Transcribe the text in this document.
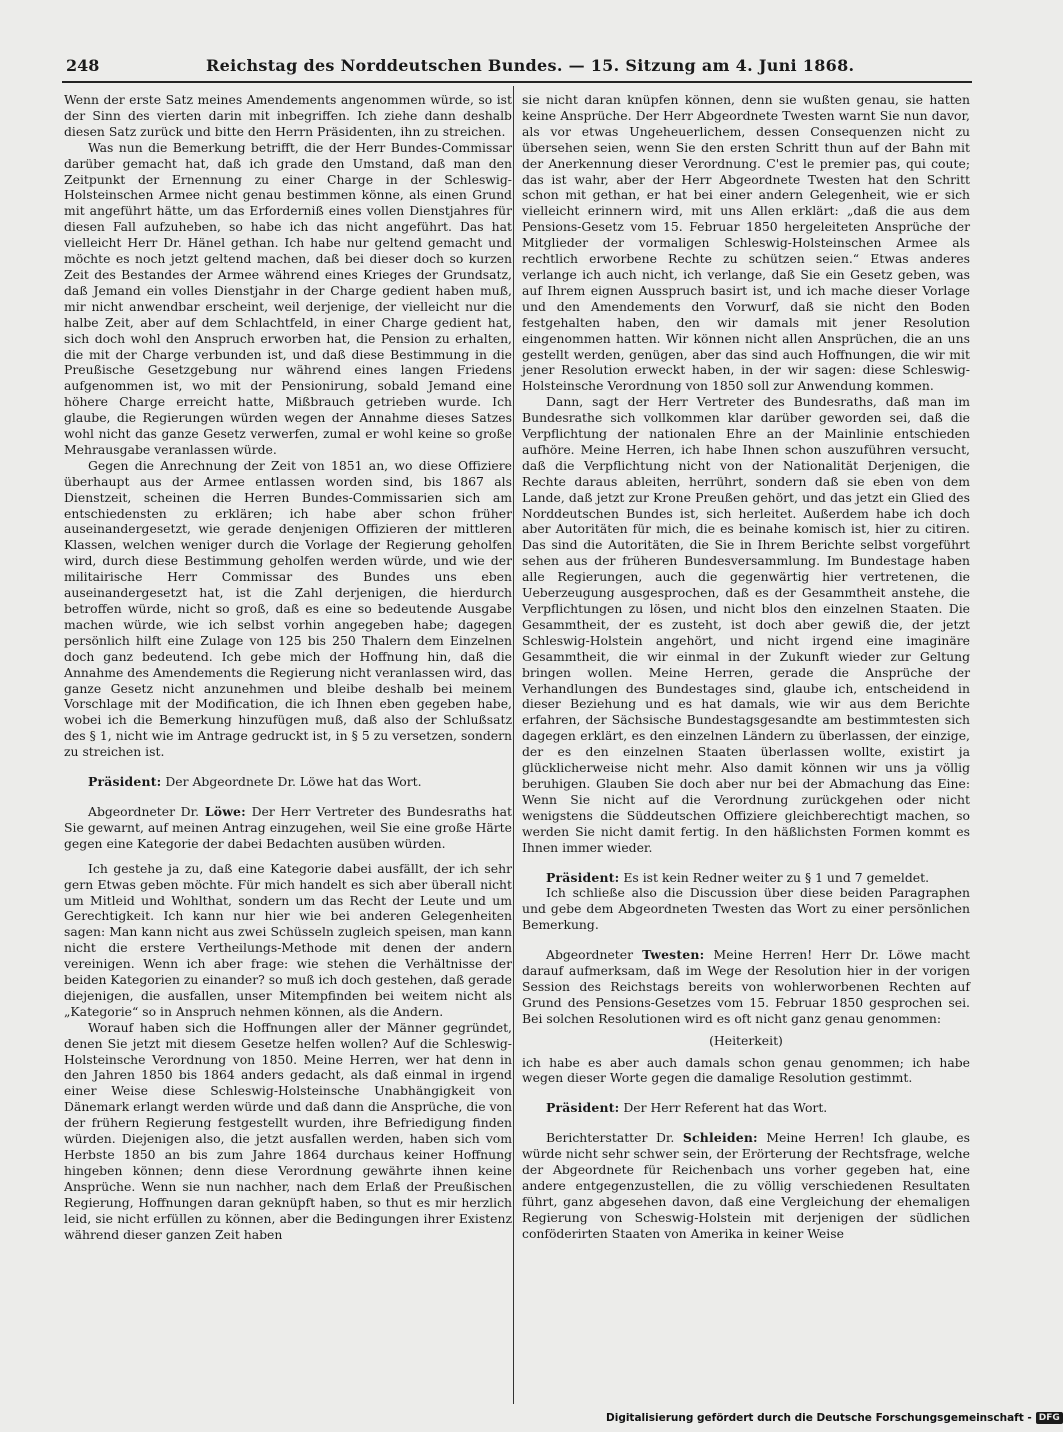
248	Reichstag des Norddeutschen Bundes. — 15. Sitzung am 4. Juni 1868.

Wenn der erste Satz meines Amendements angenommen würde, so ist der Sinn des vierten darin mit inbegriffen. Ich ziehe dann deshalb diesen Satz zurück und bitte den Herrn Präsidenten, ihn zu streichen.

Was nun die Bemerkung betrifft, die der Herr Bundes-Commissar darüber gemacht hat, daß ich grade den Umstand, daß man den Zeitpunkt der Ernennung zu einer Charge in der Schleswig-Holsteinschen Armee nicht genau bestimmen könne, als einen Grund mit angeführt hätte, um das Erforderniß eines vollen Dienstjahres für diesen Fall aufzuheben, so habe ich das nicht angeführt. Das hat vielleicht Herr Dr. Hänel gethan. Ich habe nur geltend gemacht und möchte es noch jetzt geltend machen, daß bei dieser doch so kurzen Zeit des Bestandes der Armee während eines Krieges der Grundsatz, daß Jemand ein volles Dienstjahr in der Charge gedient haben muß, mir nicht anwendbar erscheint, weil derjenige, der vielleicht nur die halbe Zeit, aber auf dem Schlachtfeld, in einer Charge gedient hat, sich doch wohl den Anspruch erworben hat, die Pension zu erhalten, die mit der Charge verbunden ist, und daß diese Bestimmung in die Preußische Gesetzgebung nur während eines langen Friedens aufgenommen ist, wo mit der Pensionirung, sobald Jemand eine höhere Charge erreicht hatte, Mißbrauch getrieben wurde. Ich glaube, die Regierungen würden wegen der Annahme dieses Satzes wohl nicht das ganze Gesetz verwerfen, zumal er wohl keine so große Mehrausgabe veranlassen würde.

Gegen die Anrechnung der Zeit von 1851 an, wo diese Offiziere überhaupt aus der Armee entlassen worden sind, bis 1867 als Dienstzeit, scheinen die Herren Bundes-Commissarien sich am entschiedensten zu erklären; ich habe aber schon früher auseinandergesetzt, wie gerade denjenigen Offizieren der mittleren Klassen, welchen weniger durch die Vorlage der Regierung geholfen wird, durch diese Bestimmung geholfen werden würde, und wie der militairische Herr Commissar des Bundes uns eben auseinandergesetzt hat, ist die Zahl derjenigen, die hierdurch betroffen würde, nicht so groß, daß es eine so bedeutende Ausgabe machen würde, wie ich selbst vorhin angegeben habe; dagegen persönlich hilft eine Zulage von 125 bis 250 Thalern dem Einzelnen doch ganz bedeutend. Ich gebe mich der Hoffnung hin, daß die Annahme des Amendements die Regierung nicht veranlassen wird, das ganze Gesetz nicht anzunehmen und bleibe deshalb bei meinem Vorschlage mit der Modification, die ich Ihnen eben gegeben habe, wobei ich die Bemerkung hinzufügen muß, daß also der Schlußsatz des § 1, nicht wie im Antrage gedruckt ist, in § 5 zu versetzen, sondern zu streichen ist.

Präsident: Der Abgeordnete Dr. Löwe hat das Wort.

Abgeordneter Dr. Löwe: Der Herr Vertreter des Bundesraths hat Sie gewarnt, auf meinen Antrag einzugehen, weil Sie eine große Härte gegen eine Kategorie der dabei Bedachten ausüben würden.

Ich gestehe ja zu, daß eine Kategorie dabei ausfällt, der ich sehr gern Etwas geben möchte. Für mich handelt es sich aber überall nicht um Mitleid und Wohlthat, sondern um das Recht der Leute und um Gerechtigkeit. Ich kann nur hier wie bei anderen Gelegenheiten sagen: Man kann nicht aus zwei Schüsseln zugleich speisen, man kann nicht die erstere Vertheilungs-Methode mit denen der andern vereinigen. Wenn ich aber frage: wie stehen die Verhältnisse der beiden Kategorien zu einander? so muß ich doch gestehen, daß gerade diejenigen, die ausfallen, unser Mitempfinden bei weitem nicht als „Kategorie“ so in Anspruch nehmen können, als die Andern.

Worauf haben sich die Hoffnungen aller der Männer gegründet, denen Sie jetzt mit diesem Gesetze helfen wollen? Auf die Schleswig-Holsteinsche Verordnung von 1850. Meine Herren, wer hat denn in den Jahren 1850 bis 1864 anders gedacht, als daß einmal in irgend einer Weise diese Schleswig-Holsteinsche Unabhängigkeit von Dänemark erlangt werden würde und daß dann die Ansprüche, die von der frühern Regierung festgestellt wurden, ihre Befriedigung finden würden. Diejenigen also, die jetzt ausfallen werden, haben sich vom Herbste 1850 an bis zum Jahre 1864 durchaus keiner Hoffnung hingeben können; denn diese Verordnung gewährte ihnen keine Ansprüche. Wenn sie nun nachher, nach dem Erlaß der Preußischen Regierung, Hoffnungen daran geknüpft haben, so thut es mir herzlich leid, sie nicht erfüllen zu können, aber die Bedingungen ihrer Existenz während dieser ganzen Zeit haben

sie nicht daran knüpfen können, denn sie wußten genau, sie hatten keine Ansprüche. Der Herr Abgeordnete Twesten warnt Sie nun davor, als vor etwas Ungeheuerlichem, dessen Consequenzen nicht zu übersehen seien, wenn Sie den ersten Schritt thun auf der Bahn mit der Anerkennung dieser Verordnung. C'est le premier pas, qui coute; das ist wahr, aber der Herr Abgeordnete Twesten hat den Schritt schon mit gethan, er hat bei einer andern Gelegenheit, wie er sich vielleicht erinnern wird, mit uns Allen erklärt: „daß die aus dem Pensions-Gesetz vom 15. Februar 1850 hergeleiteten Ansprüche der Mitglieder der vormaligen Schleswig-Holsteinschen Armee als rechtlich erworbene Rechte zu schützen seien.“ Etwas anderes verlange ich auch nicht, ich verlange, daß Sie ein Gesetz geben, was auf Ihrem eignen Ausspruch basirt ist, und ich mache dieser Vorlage und den Amendements den Vorwurf, daß sie nicht den Boden festgehalten haben, den wir damals mit jener Resolution eingenommen hatten. Wir können nicht allen Ansprüchen, die an uns gestellt werden, genügen, aber das sind auch Hoffnungen, die wir mit jener Resolution erweckt haben, in der wir sagen: diese Schleswig-Holsteinsche Verordnung von 1850 soll zur Anwendung kommen.

Dann, sagt der Herr Vertreter des Bundesraths, daß man im Bundesrathe sich vollkommen klar darüber geworden sei, daß die Verpflichtung der nationalen Ehre an der Mainlinie entschieden aufhöre. Meine Herren, ich habe Ihnen schon auszuführen versucht, daß die Verpflichtung nicht von der Nationalität Derjenigen, die Rechte daraus ableiten, herrührt, sondern daß sie eben von dem Lande, daß jetzt zur Krone Preußen gehört, und das jetzt ein Glied des Norddeutschen Bundes ist, sich herleitet. Außerdem habe ich doch aber Autoritäten für mich, die es beinahe komisch ist, hier zu citiren. Das sind die Autoritäten, die Sie in Ihrem Berichte selbst vorgeführt sehen aus der früheren Bundesversammlung. Im Bundestage haben alle Regierungen, auch die gegenwärtig hier vertretenen, die Ueberzeugung ausgesprochen, daß es der Gesammtheit anstehe, die Verpflichtungen zu lösen, und nicht blos den einzelnen Staaten. Die Gesammtheit, der es zusteht, ist doch aber gewiß die, der jetzt Schleswig-Holstein angehört, und nicht irgend eine imaginäre Gesammtheit, die wir einmal in der Zukunft wieder zur Geltung bringen wollen. Meine Herren, gerade die Ansprüche der Verhandlungen des Bundestages sind, glaube ich, entscheidend in dieser Beziehung und es hat damals, wie wir aus dem Berichte erfahren, der Sächsische Bundestagsgesandte am bestimmtesten sich dagegen erklärt, es den einzelnen Ländern zu überlassen, der einzige, der es den einzelnen Staaten überlassen wollte, existirt ja glücklicherweise nicht mehr. Also damit können wir uns ja völlig beruhigen. Glauben Sie doch aber nur bei der Abmachung das Eine: Wenn Sie nicht auf die Verordnung zurückgehen oder nicht wenigstens die Süddeutschen Offiziere gleichberechtigt machen, so werden Sie nicht damit fertig. In den häßlichsten Formen kommt es Ihnen immer wieder.

Präsident: Es ist kein Redner weiter zu § 1 und 7 gemeldet.

Ich schließe also die Discussion über diese beiden Paragraphen und gebe dem Abgeordneten Twesten das Wort zu einer persönlichen Bemerkung.

Abgeordneter Twesten: Meine Herren! Herr Dr. Löwe macht darauf aufmerksam, daß im Wege der Resolution hier in der vorigen Session des Reichstags bereits von wohlerworbenen Rechten auf Grund des Pensions-Gesetzes vom 15. Februar 1850 gesprochen sei. Bei solchen Resolutionen wird es oft nicht ganz genau genommen:

(Heiterkeit)

ich habe es aber auch damals schon genau genommen; ich habe wegen dieser Worte gegen die damalige Resolution gestimmt.

Präsident: Der Herr Referent hat das Wort.

Berichterstatter Dr. Schleiden: Meine Herren! Ich glaube, es würde nicht sehr schwer sein, der Erörterung der Rechtsfrage, welche der Abgeordnete für Reichenbach uns vorher gegeben hat, eine andere entgegenzustellen, die zu völlig verschiedenen Resultaten führt, ganz abgesehen davon, daß eine Vergleichung der ehemaligen Regierung von Scheswig-Holstein mit derjenigen der südlichen conföderirten Staaten von Amerika in keiner Weise

Digitalisierung gefördert durch die Deutsche Forschungsgemeinschaft - DFG
